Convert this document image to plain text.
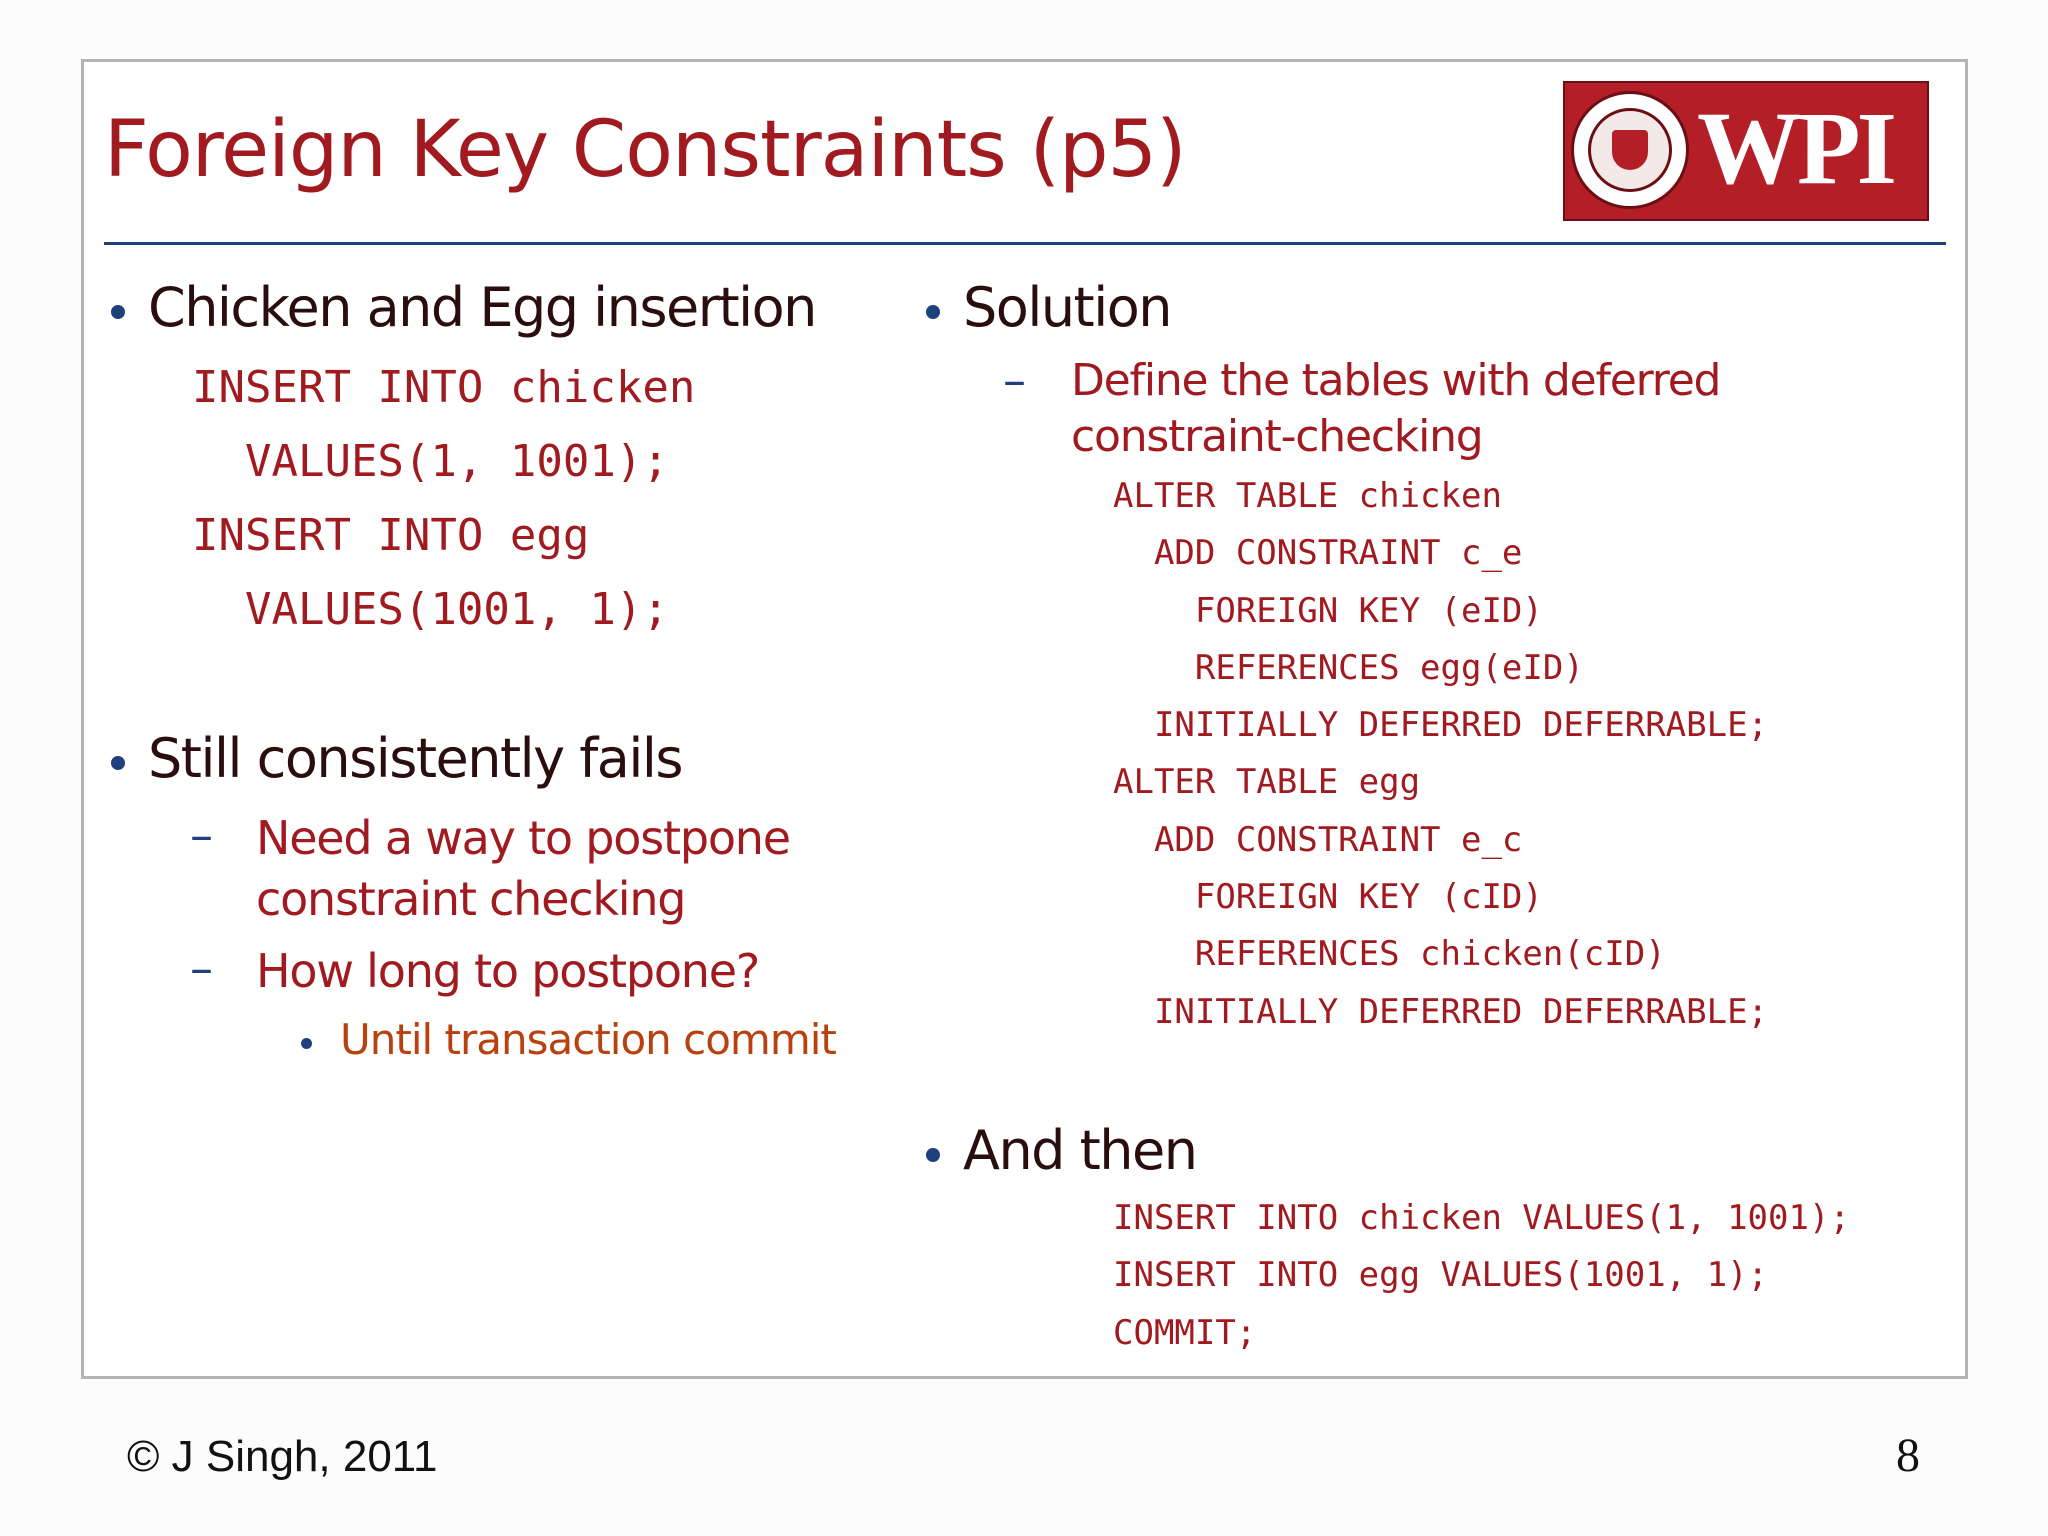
Foreign Key Constraints (p5)	WPI
Chicken and Egg insertion
INSERT INTO chicken
VALUES(1, 1001);
INSERT INTO egg
VALUES(1001, 1);
Still consistently fails
– Need a way to postpone
constraint checking
– How long to postpone?
Until transaction commit
Solution
– Define the tables with deferred
constraint-checking
ALTER TABLE chicken
ADD CONSTRAINT c_e
FOREIGN KEY (eID)
REFERENCES egg(eID)
INITIALLY DEFERRED DEFERRABLE;
ALTER TABLE egg
ADD CONSTRAINT e_c
FOREIGN KEY (cID)
REFERENCES chicken(cID)
INITIALLY DEFERRED DEFERRABLE;
And then
INSERT INTO chicken VALUES(1, 1001);
INSERT INTO egg VALUES(1001, 1);
COMMIT;
© J Singh, 2011	8
